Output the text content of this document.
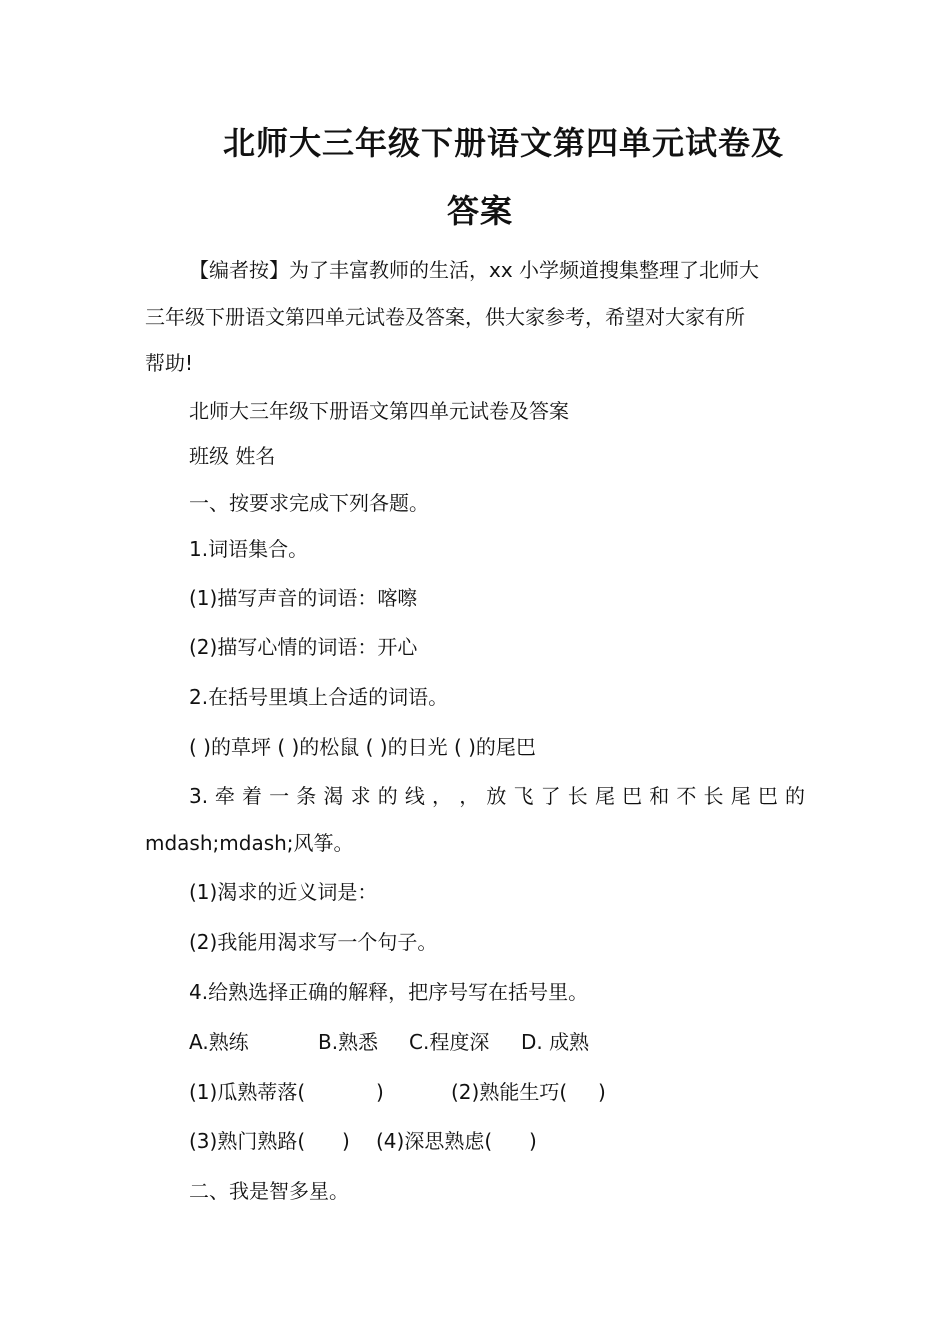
北师大三年级下册语文第四单元试卷及
答案
【编者按】为了丰富教师的生活，xx 小学频道搜集整理了北师大
三年级下册语文第四单元试卷及答案，供大家参考，希望对大家有所
帮助!
北师大三年级下册语文第四单元试卷及答案
班级 姓名
一、按要求完成下列各题。
1.词语集合。
(1)描写声音的词语：喀嚓
(2)描写心情的词语：开心
2.在括号里填上合适的词语。
( )的草坪 ( )的松鼠 ( )的日光 ( )的尾巴
3. 牵 着 一 条 渴 求 的 线 ， ， 放 飞 了 长 尾 巴 和 不 长 尾 巴 的
mdash;mdash;风筝。
(1)渴求的近义词是：
(2)我能用渴求写一个句子。
4.给熟选择正确的解释，把序号写在括号里。
A.熟练	B.熟悉 C.程度深 D. 成熟
(1)瓜熟蒂落(	)	(2)熟能生巧( )
(3)熟门熟路( ) (4)深思熟虑( )
二、我是智多星。
